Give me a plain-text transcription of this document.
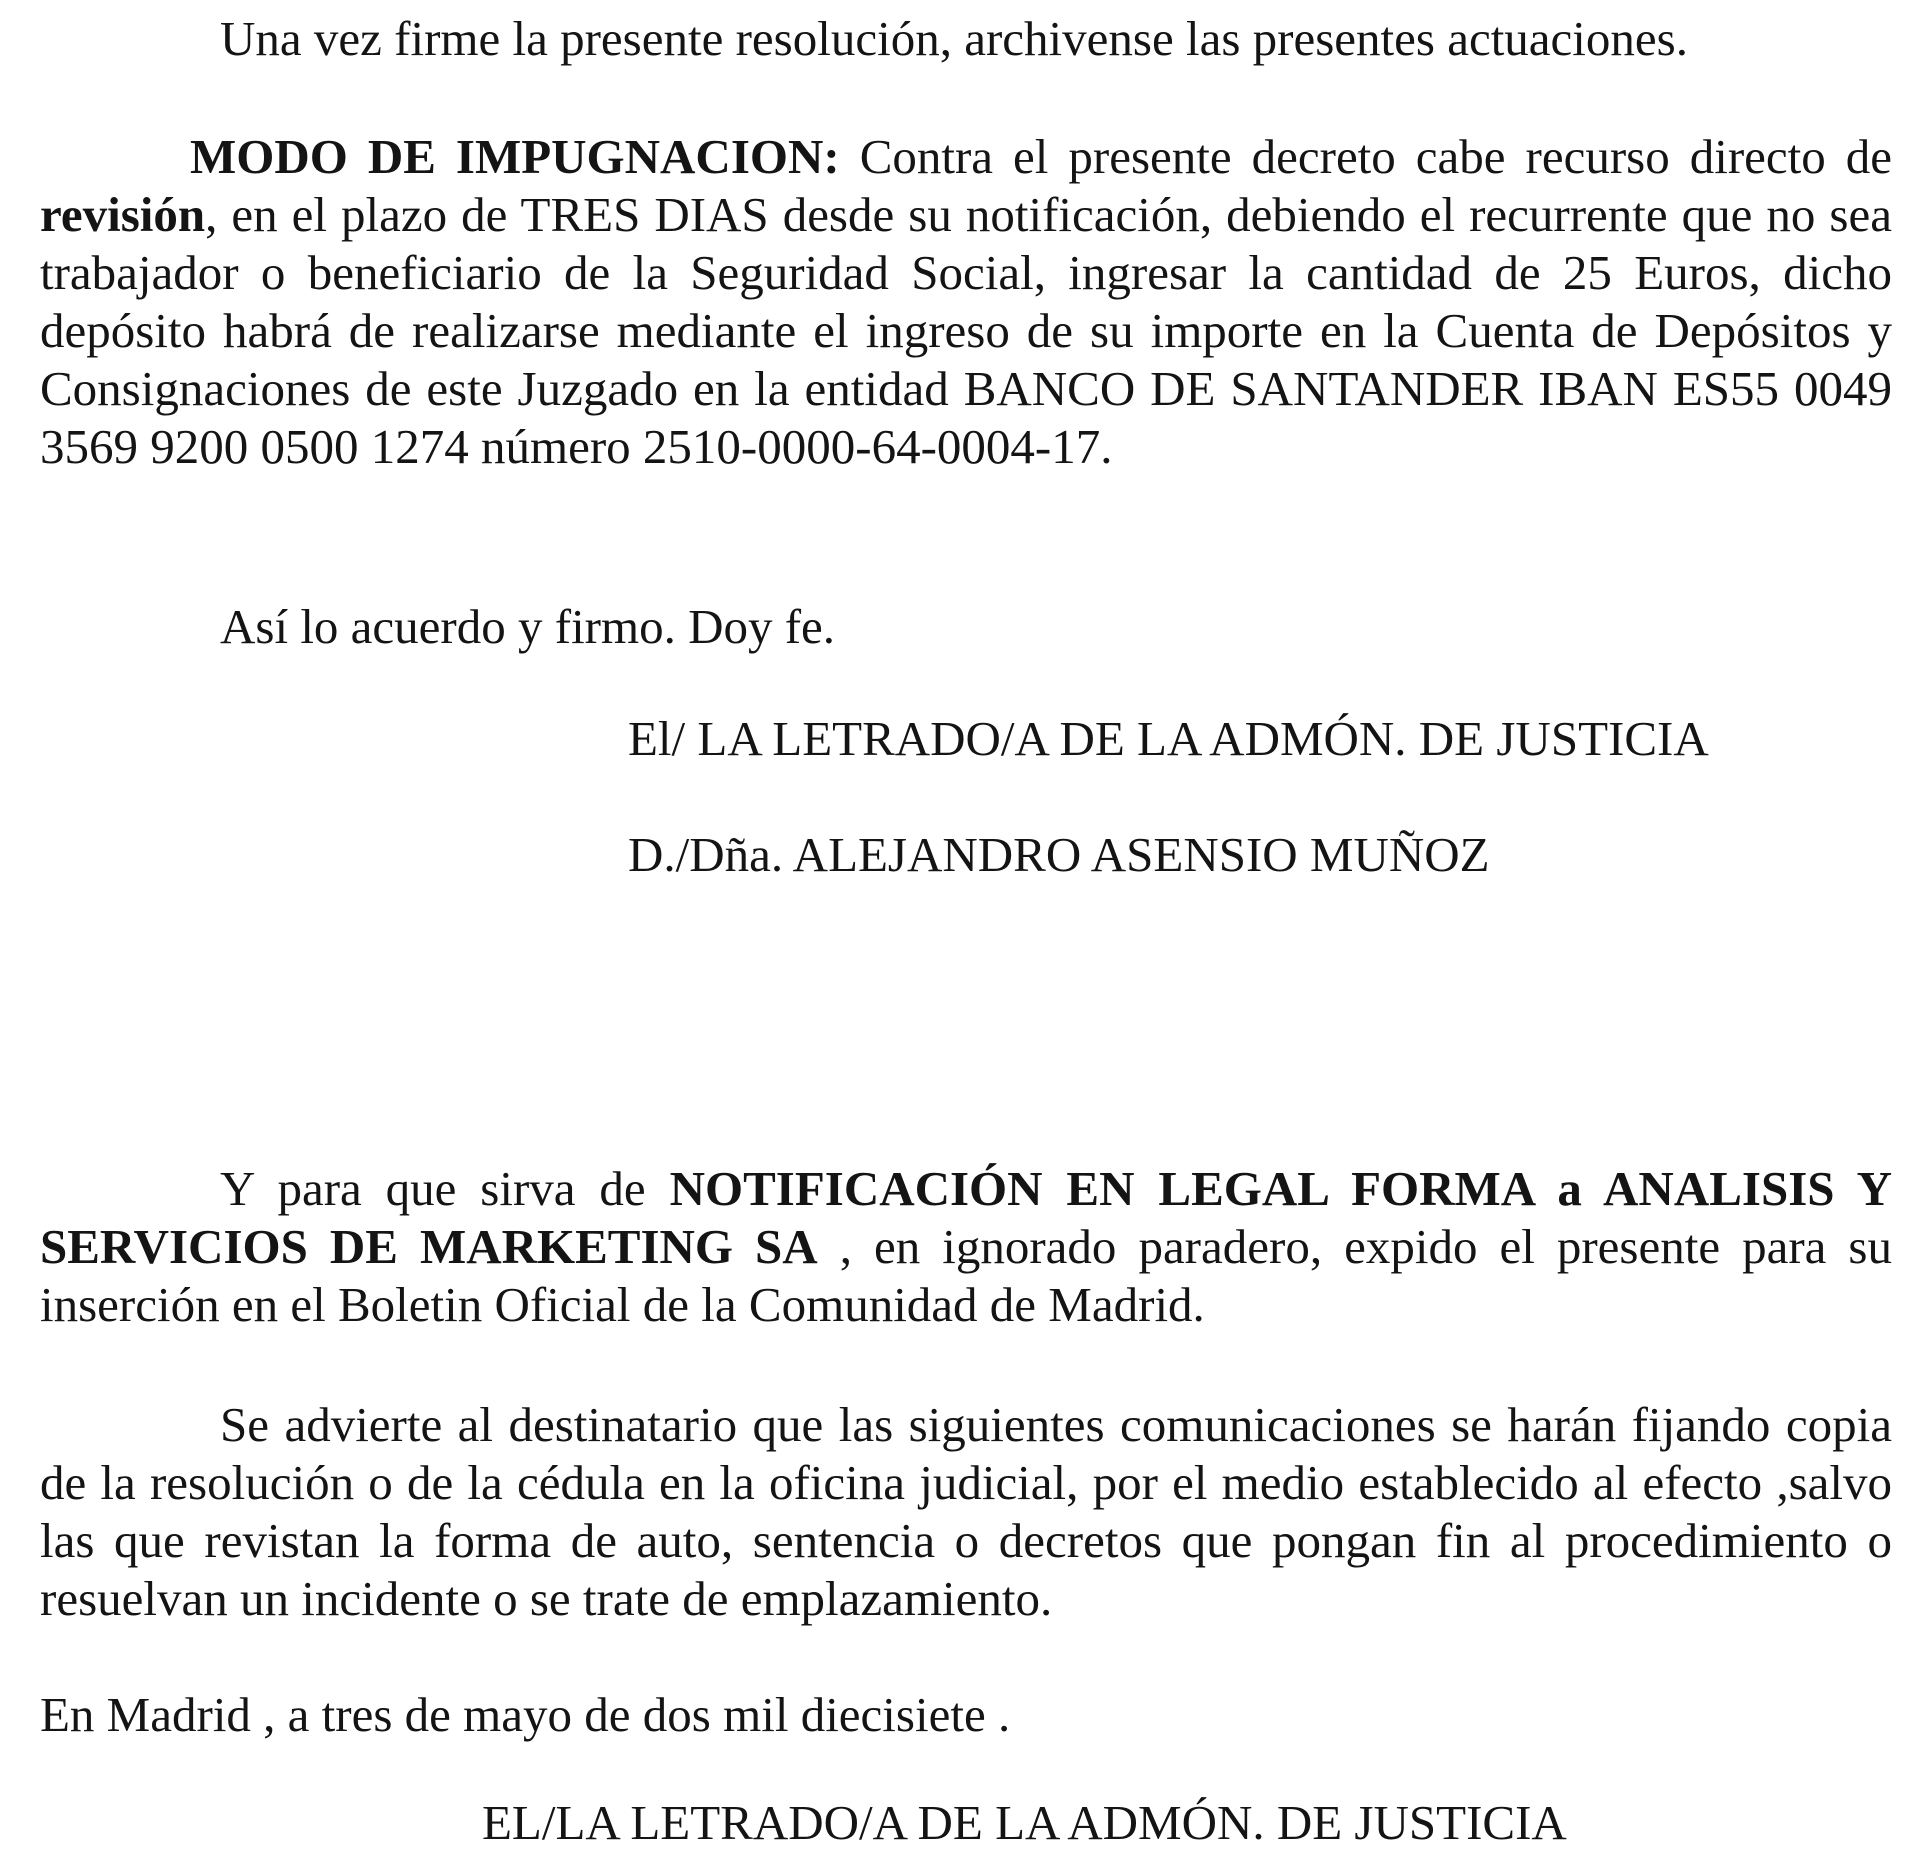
Una vez firme la presente resolución, archivense las presentes actuaciones.

MODO DE IMPUGNACION: Contra el presente decreto cabe recurso directo de
revisión, en el plazo de TRES DIAS desde su notificación, debiendo el recurrente que no sea
trabajador o beneficiario de la Seguridad Social, ingresar la cantidad de 25 Euros, dicho
depósito habrá de realizarse mediante el ingreso de su importe en la Cuenta de Depósitos y
Consignaciones de este Juzgado en la entidad BANCO DE SANTANDER IBAN ES55 0049
3569 9200 0500 1274 número 2510-0000-64-0004-17.

Así lo acuerdo y firmo. Doy fe.

El/ LA LETRADO/A DE LA ADMÓN. DE JUSTICIA

D./Dña. ALEJANDRO ASENSIO MUÑOZ

Y para que sirva de NOTIFICACIÓN EN LEGAL FORMA a ANALISIS Y
SERVICIOS DE MARKETING SA , en ignorado paradero, expido el presente para su
inserción en el Boletin Oficial de la Comunidad de Madrid.
Se advierte al destinatario que las siguientes comunicaciones se harán fijando copia
de la resolución o de la cédula en la oficina judicial, por el medio establecido al efecto ,salvo
las que revistan la forma de auto, sentencia o decretos que pongan fin al procedimiento o
resuelvan un incidente o se trate de emplazamiento.

En Madrid , a tres de mayo de dos mil diecisiete .

EL/LA LETRADO/A DE LA ADMÓN. DE JUSTICIA
